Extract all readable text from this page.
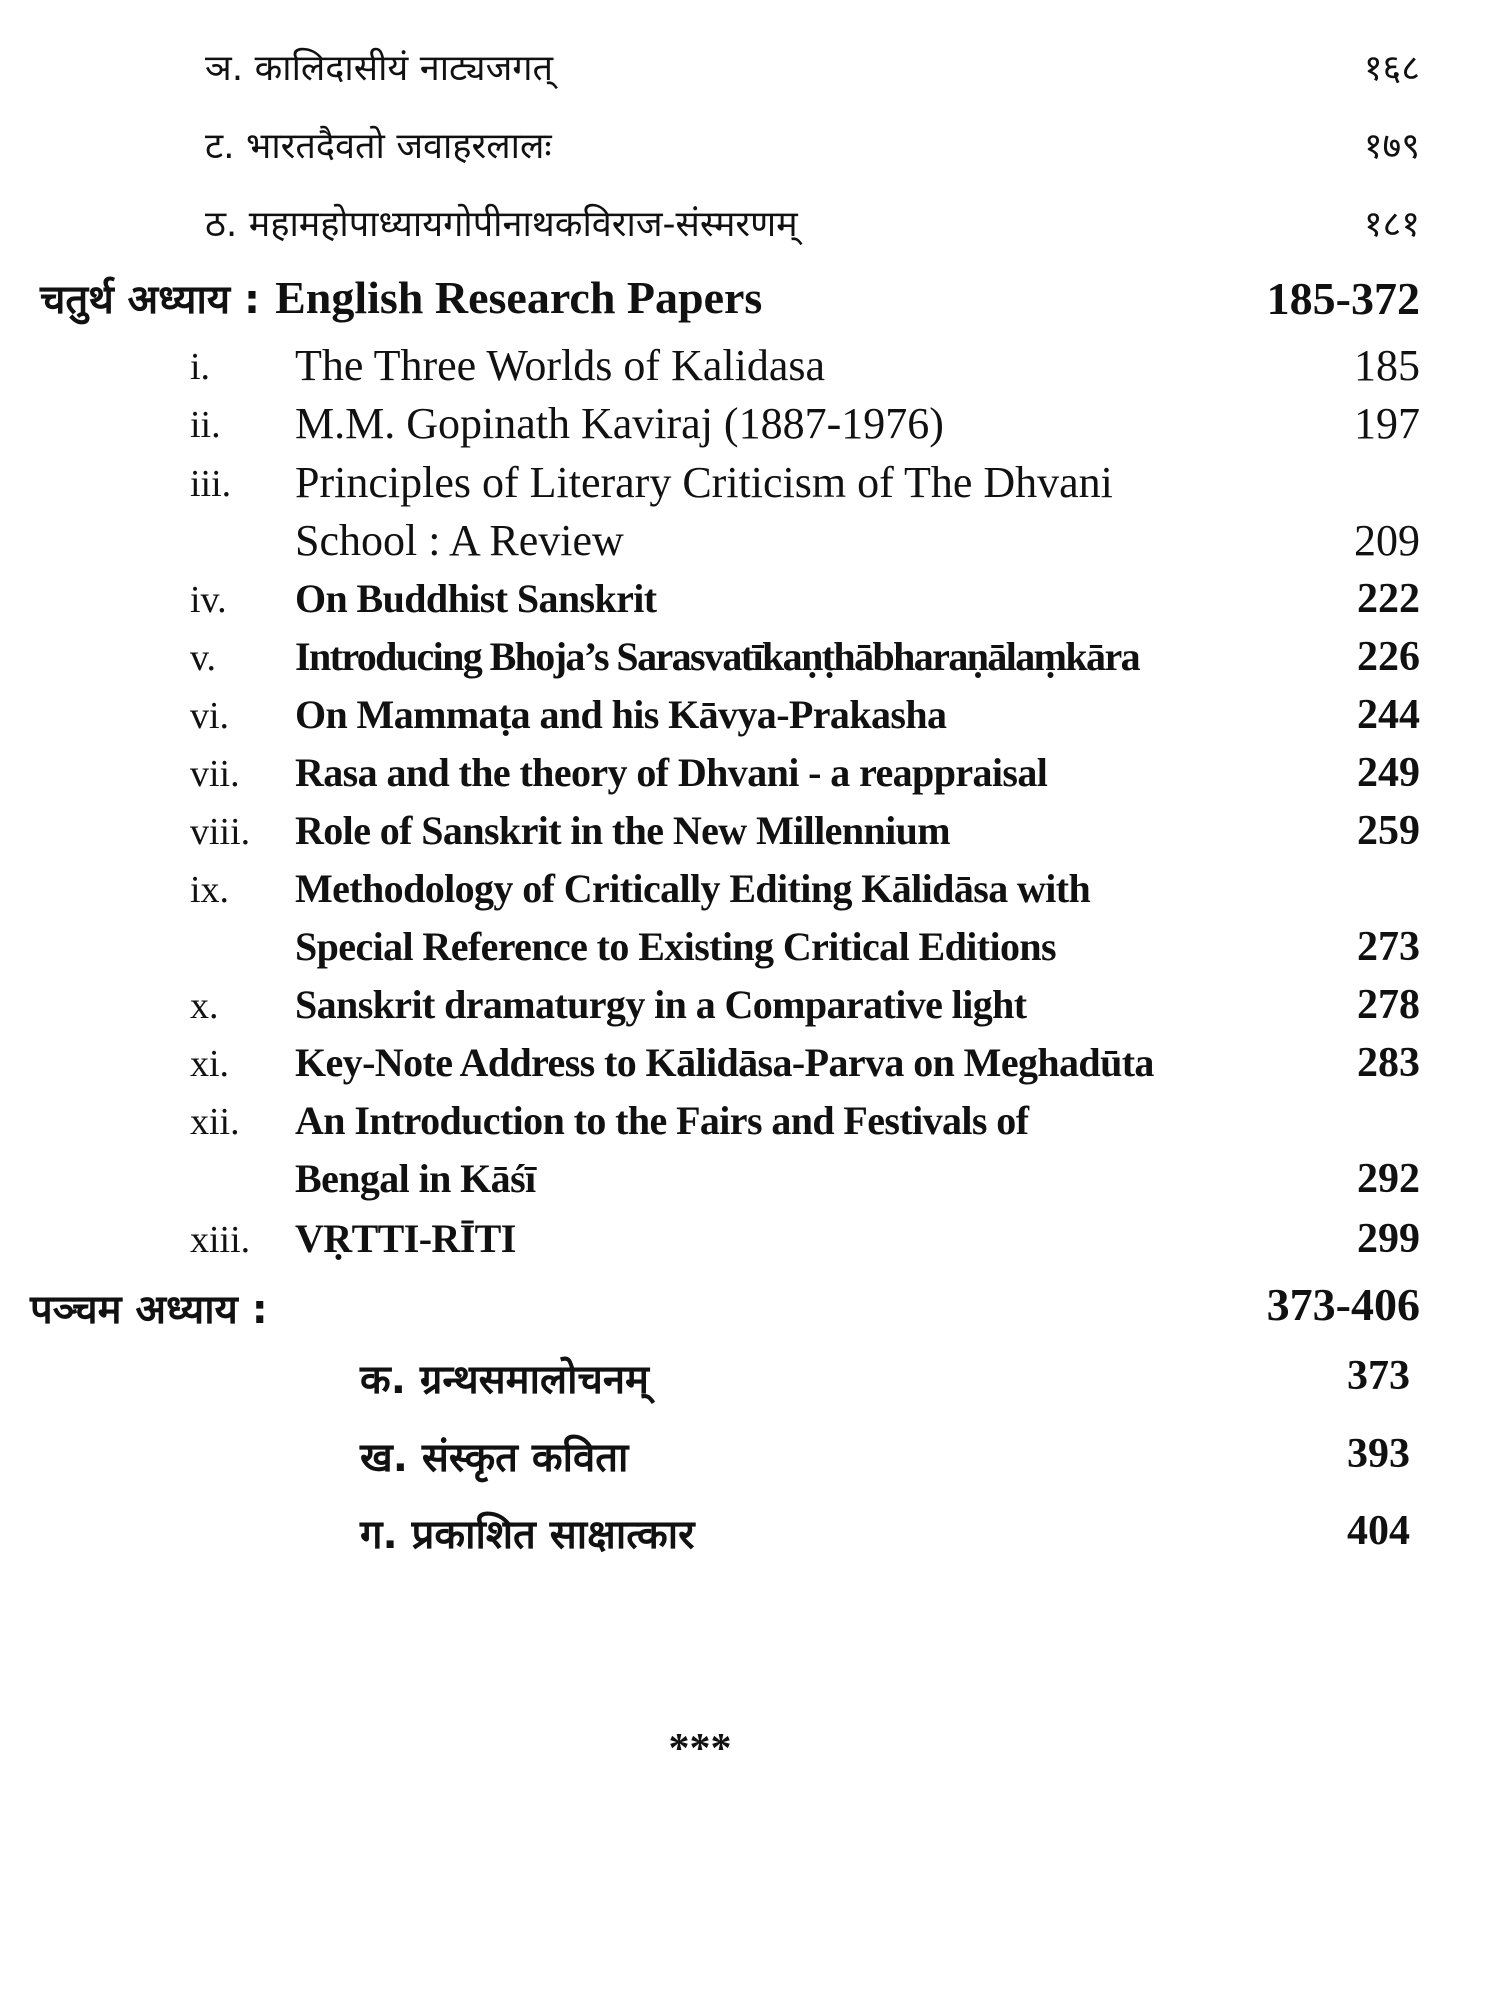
ञ. कालिदासीयं नाट्यजगत्	१६८
ट. भारतदैवतो जवाहरलालः	१७९
ठ. महामहोपाध्यायगोपीनाथकविराज-संस्मरणम्	१८१
चतुर्थ अध्याय : English Research Papers	185-372
i. The Three Worlds of Kalidasa	185
ii. M.M. Gopinath Kaviraj (1887-1976)	197
iii. Principles of Literary Criticism of The Dhvani
School : A Review	209
iv. On Buddhist Sanskrit	222
v. Introducing Bhoja’s Sarasvatīkaṇṭhābharaṇālaṃkāra	226
vi. On Mammaṭa and his Kāvya-Prakasha	244
vii. Rasa and the theory of Dhvani - a reappraisal	249
viii. Role of Sanskrit in the New Millennium	259
ix. Methodology of Critically Editing Kālidāsa with
Special Reference to Existing Critical Editions	273
x. Sanskrit dramaturgy in a Comparative light	278
xi. Key-Note Address to Kālidāsa-Parva on Meghadūta	283
xii. An Introduction to the Fairs and Festivals of
Bengal in Kāśī	292
xiii. VṚTTI-RĪTI	299
पञ्चम अध्याय :	373-406
क. ग्रन्थसमालोचनम्	373
ख. संस्कृत कविता	393
ग. प्रकाशित साक्षात्कार	404
***
